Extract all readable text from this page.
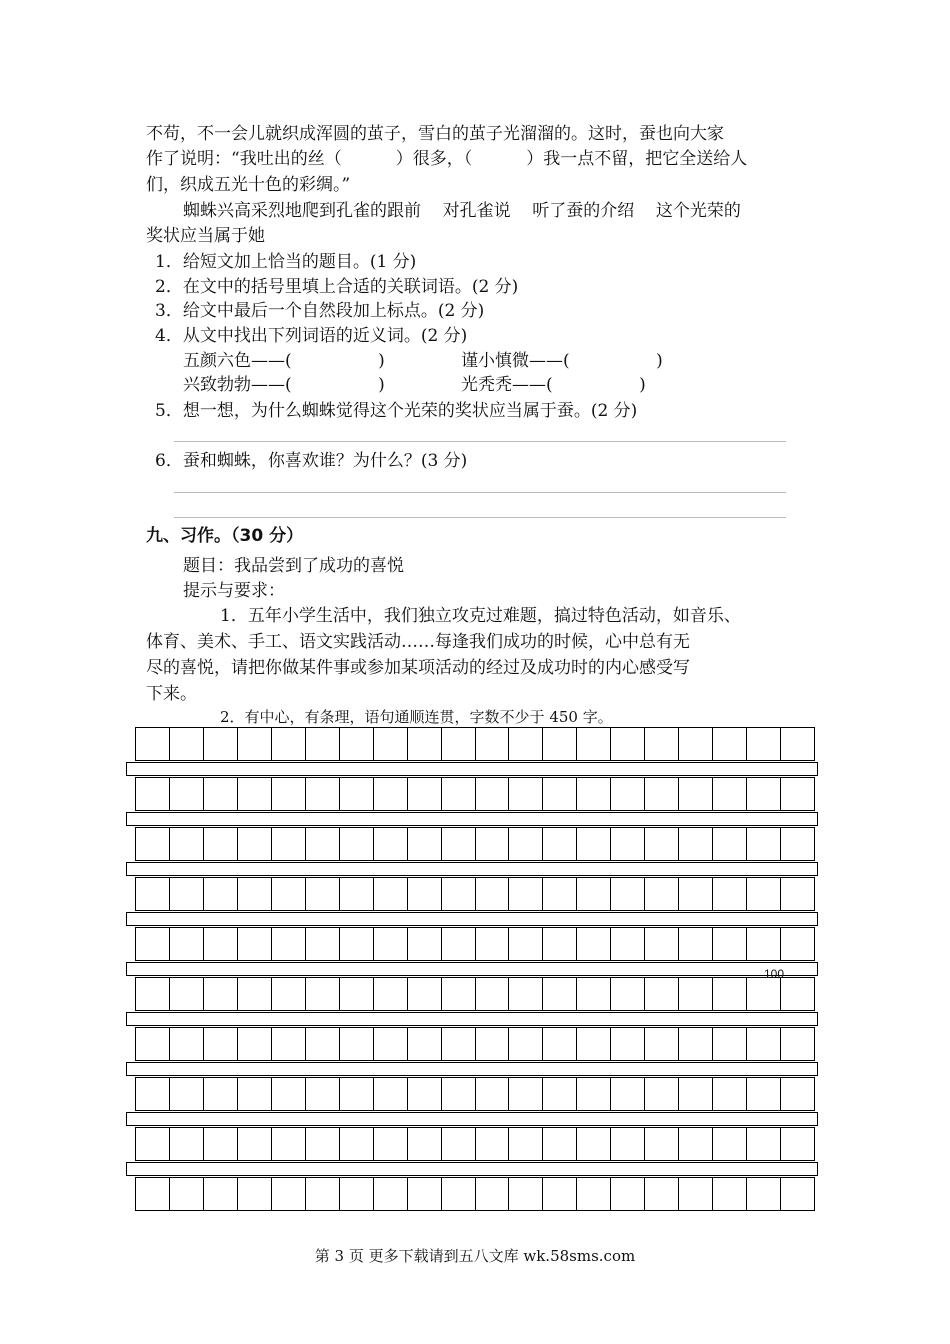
不苟，不一会儿就织成浑圆的茧子，雪白的茧子光溜溜的。这时，蚕也向大家
作了说明：“我吐出的丝（          ）很多，（          ）我一点不留，把它全送给人
们，织成五光十色的彩绸。”
蜘蛛兴高采烈地爬到孔雀的跟前    对孔雀说    听了蚕的介绍    这个光荣的
奖状应当属于她
1．给短文加上恰当的题目。(1 分)
2．在文中的括号里填上合适的关联词语。(2 分)
3．给文中最后一个自然段加上标点。(2 分)
4．从文中找出下列词语的近义词。(2 分)
五颜六色——(                )	谨小慎微——(                )
兴致勃勃——(                )	光秃秃——(                )
5．想一想，为什么蜘蛛觉得这个光荣的奖状应当属于蚕。(2 分)
6．蚕和蜘蛛，你喜欢谁？为什么？(3 分)
九、习作。（30 分）
题目：我品尝到了成功的喜悦
提示与要求：
1．五年小学生活中，我们独立攻克过难题，搞过特色活动，如音乐、
体育、美术、手工、语文实践活动……每逢我们成功的时候，心中总有无
尽的喜悦，请把你做某件事或参加某项活动的经过及成功时的内心感受写
下来。
2．有中心，有条理，语句通顺连贯，字数不少于 450 字。
100
第 3 页 更多下载请到五八文库 wk.58sms.com
